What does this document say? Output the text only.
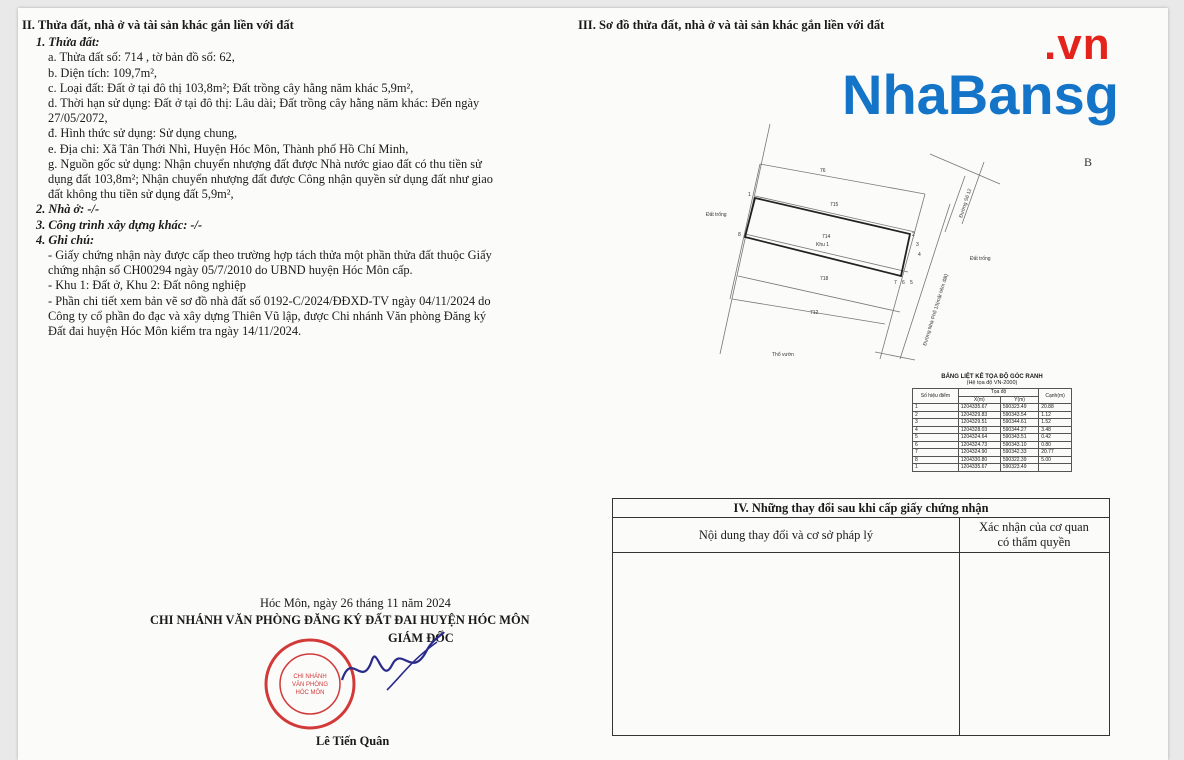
II. Thửa đất, nhà ở và tài sản khác gắn liền với đất
1. Thửa đất:
a. Thửa đất số: 714 , tờ bản đồ số: 62,
b. Diện tích: 109,7m²,
c. Loại đất: Đất ở tại đô thị 103,8m²; Đất trồng cây hằng năm khác 5,9m²,
d. Thời hạn sử dụng: Đất ở tại đô thị: Lâu dài; Đất trồng cây hằng năm khác: Đến ngày
27/05/2072,
đ. Hình thức sử dụng: Sử dụng chung,
e. Địa chỉ: Xã Tân Thới Nhì, Huyện Hóc Môn, Thành phố Hồ Chí Minh,
g. Nguồn gốc sử dụng: Nhận chuyển nhượng đất được Nhà nước giao đất có thu tiền sử
dụng đất 103,8m²; Nhận chuyển nhượng đất được Công nhận quyền sử dụng đất như giao
đất không thu tiền sử dụng đất 5,9m²,
2. Nhà ở: -/-
3. Công trình xây dựng khác: -/-
4. Ghi chú:
- Giấy chứng nhận này được cấp theo trường hợp tách thửa một phần thửa đất thuộc Giấy
chứng nhận số CH00294 ngày 05/7/2010 do UBND huyện Hóc Môn cấp.
- Khu 1: Đất ở, Khu 2: Đất nông nghiệp
- Phần chi tiết xem bản vẽ sơ đồ nhà đất số 0192-C/2024/ĐĐXD-TV ngày 04/11/2024 do
Công ty cổ phần đo đạc và xây dựng Thiên Vũ lập, được Chi nhánh Văn phòng Đăng ký
Đất đai huyện Hóc Môn kiểm tra ngày 14/11/2024.
III. Sơ đồ thửa đất, nhà ở và tài sản khác gắn liền với đất	.vn
NhaBansg
76
715
714
Khu 1
718
712
Đất trống
Đất trống
Thổ vườn
Đường Số 12
Đường Nhà Phố 13(mặt hẻm đất)
1
2
3
4
5
6
7
8
B
BẢNG LIỆT KÊ TỌA ĐỘ GÓC RANH
(Hệ tọa độ VN-2000)
Số hiệu điểm	Tọa độ		Cạnh(m)
	X(m)	Y(m)	
1	1204335.67	590323.49	20.88
2	1204329.83	590343.54	1.12
3	1204329.51	590344.61	1.52
4	1204328.03	590344.27	3.48
5	1204324.64	590343.51	0.42
6	1204324.73	590343.10	0.80
7	1204324.90	590342.33	20.77
8	1204330.80	590322.39	5.00
1	1204335.67	590323.49	
IV. Những thay đổi sau khi cấp giấy chứng nhận
Nội dung thay đổi và cơ sở pháp lý
Xác nhận của cơ quan
có thẩm quyền
Hóc Môn, ngày 26 tháng 11 năm 2024
CHI NHÁNH VĂN PHÒNG ĐĂNG KÝ ĐẤT ĐAI HUYỆN HÓC MÔN
GIÁM ĐỐC
Lê Tiến Quân
CHI NHÁNH
VĂN PHÒNG
HÓC MÔN
